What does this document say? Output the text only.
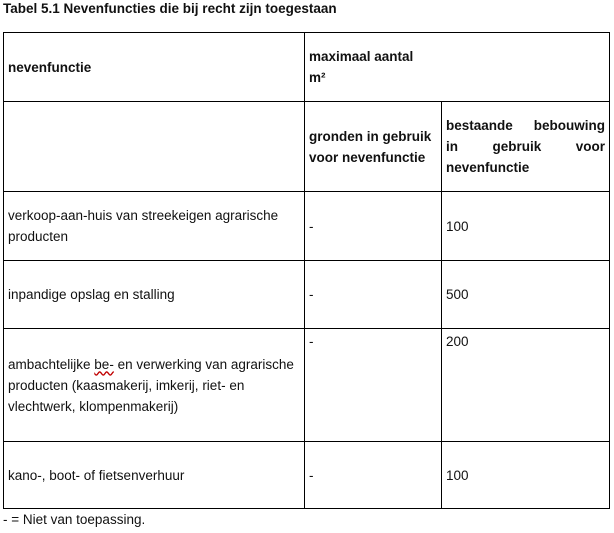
Tabel 5.1 Nevenfuncties die bij recht zijn toegestaan
nevenfunctie	maximaal aantal
m²	
	gronden in gebruik voor nevenfunctie	bestaande bebouwing
in gebruik voor
nevenfunctie

verkoop-aan-huis van streekeigen agrarische producten	-	100
inpandige opslag en stalling	-	500
ambachtelijke be- en verwerking van agrarische producten (kaasmakerij, imkerij, riet- en vlechtwerk, klompenmakerij)	-	200
kano-, boot- of fietsenverhuur	-	100
- = Niet van toepassing.
